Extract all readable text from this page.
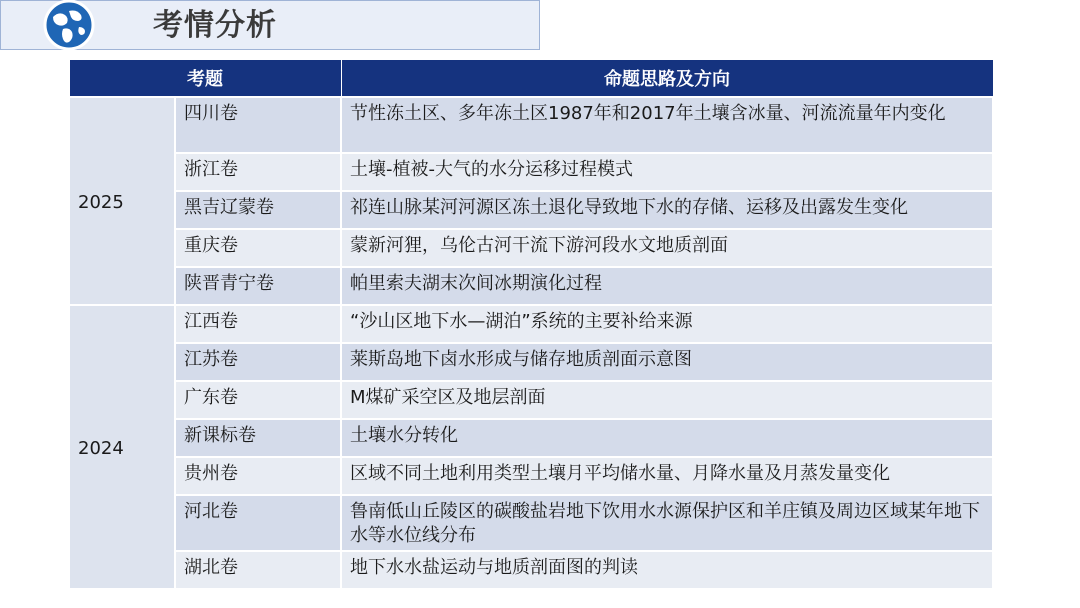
考情分析
考题		命题思路及方向
2025	四川卷	节性冻土区、多年冻土区1987年和2017年土壤含冰量、河流流量年内变化
	浙江卷	土壤-植被-大气的水分运移过程模式
	黑吉辽蒙卷	祁连山脉某河河源区冻土退化导致地下水的存储、运移及出露发生变化
	重庆卷	蒙新河狸，乌伦古河干流下游河段水文地质剖面
	陕晋青宁卷	帕里索夫湖末次间冰期演化过程
2024	江西卷	“沙山区地下水—湖泊”系统的主要补给来源
	江苏卷	莱斯岛地下卤水形成与储存地质剖面示意图
	广东卷	M煤矿采空区及地层剖面
	新课标卷	土壤水分转化
	贵州卷	区域不同土地利用类型土壤月平均储水量、月降水量及月蒸发量变化
	河北卷	鲁南低山丘陵区的碳酸盐岩地下饮用水水源保护区和羊庄镇及周边区域某年地下水等水位线分布
	湖北卷	地下水水盐运动与地质剖面图的判读
